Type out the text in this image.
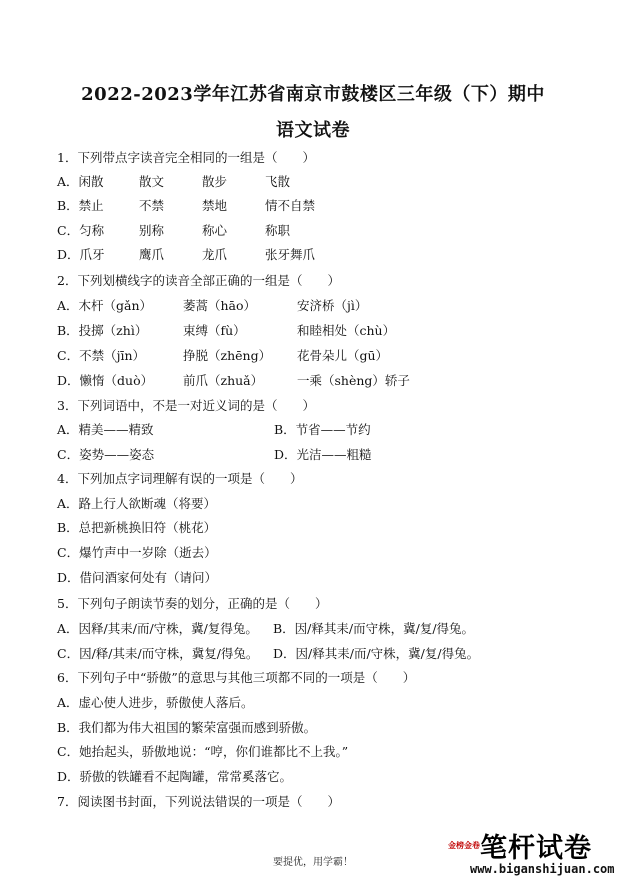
2022-2023学年江苏省南京市鼓楼区三年级（下）期中
语文试卷
1．下列带点字读音完全相同的一组是（　　）
A．闲散	散文	散步	飞散
B．禁止	不禁	禁地	情不自禁
C．匀称	别称	称心	称职
D．爪牙	鹰爪	龙爪	张牙舞爪
2．下列划横线字的读音全部正确的一组是（　　）
A．木杆（gǎn） 萎蒿（hāo）	安济桥（jì）
B．投掷（zhì）	束缚（fù）	和睦相处（chù）
C．不禁（jīn）	挣脱（zhēng） 花骨朵儿（gū）
D．懒惰（duò） 前爪（zhuǎ）	一乘（shèng）轿子
3．下列词语中，不是一对近义词的是（　　）
A．精美——精致	B．节省——节约
C．姿势——姿态	D．光洁——粗糙
4．下列加点字词理解有误的一项是（　　）
A．路上行人欲断魂（将要）
B．总把新桃换旧符（桃花）
C．爆竹声中一岁除（逝去）
D．借问酒家何处有（请问）
5．下列句子朗读节奏的划分，正确的是（　　）
A．因释/其耒/而/守株，冀/复得兔。 B．因/释其耒/而守株，冀/复/得兔。
C．因/释/其耒/而守株，冀复/得兔。 D．因/释其耒/而/守株，冀/复/得兔。
6．下列句子中“骄傲”的意思与其他三项都不同的一项是（　　）
A．虚心使人进步，骄傲使人落后。
B．我们都为伟大祖国的繁荣富强而感到骄傲。
C．她抬起头，骄傲地说：“哼，你们谁都比不上我。”
D．骄傲的铁罐看不起陶罐，常常奚落它。
7．阅读图书封面，下列说法错误的一项是（　　）
要提优，用学霸！
金榜金卷 笔杆试卷
www.biganshijuan.com
